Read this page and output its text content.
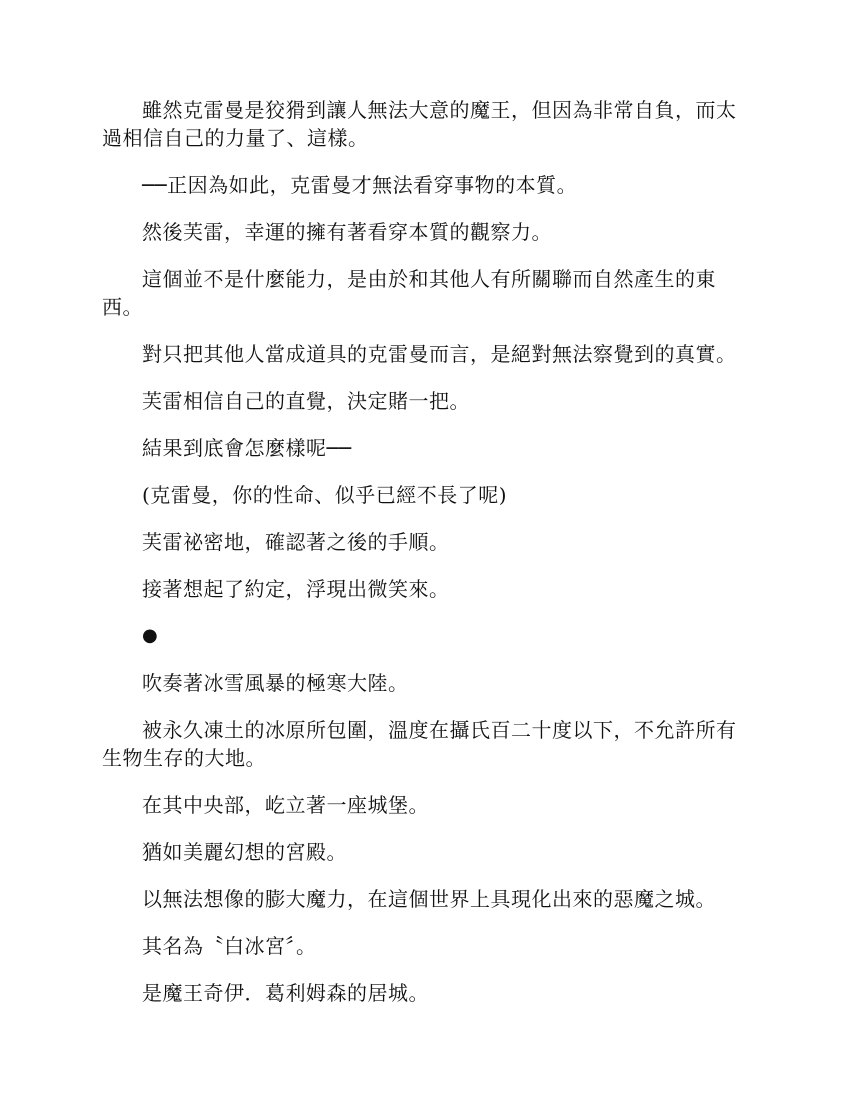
雖然克雷曼是狡猾到讓人無法大意的魔王，但因為非常自負，而太過相信自己的力量了、這樣。

──正因為如此，克雷曼才無法看穿事物的本質。

然後芙雷，幸運的擁有著看穿本質的觀察力。

這個並不是什麼能力，是由於和其他人有所關聯而自然產生的東西。

對只把其他人當成道具的克雷曼而言，是絕對無法察覺到的真實。

芙雷相信自己的直覺，決定賭一把。

結果到底會怎麼樣呢──

(克雷曼，你的性命、似乎已經不長了呢)

芙雷祕密地，確認著之後的手順。

接著想起了約定，浮現出微笑來。

●

吹奏著冰雪風暴的極寒大陸。

被永久凍土的冰原所包圍，溫度在攝氏百二十度以下，不允許所有生物生存的大地。

在其中央部，屹立著一座城堡。

猶如美麗幻想的宮殿。

以無法想像的膨大魔力，在這個世界上具現化出來的惡魔之城。

其名為〝白冰宮〞。

是魔王奇伊．葛利姆森的居城。
